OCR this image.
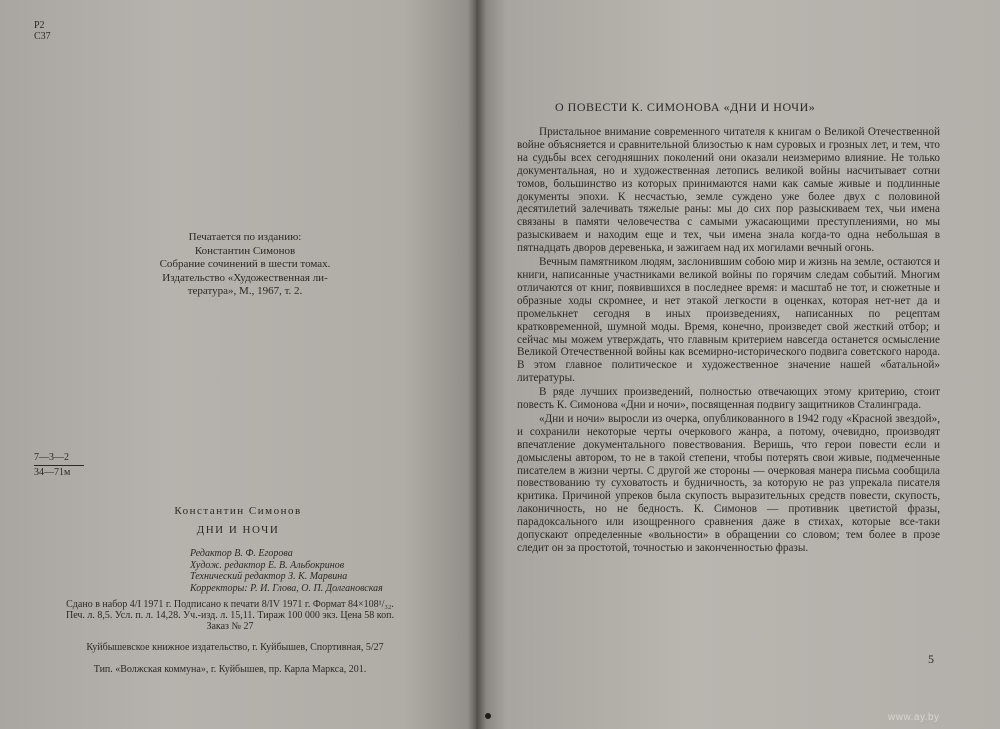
Р2
С37
Печатается по изданию:
Константин Симонов
Собрание сочинений в шести томах.
Издательство «Художественная ли-
тература», М., 1967, т. 2.
7—3—2
34—71м
Константин Симонов
ДНИ И НОЧИ
Редактор В. Ф. Егорова
Худож. редактор Е. В. Альбокринов
Технический редактор З. К. Марвина
Корректоры: Р. И. Глова, О. П. Долгановская
Сдано в набор 4/I 1971 г. Подписано к печати 8/IV 1971 г. Формат 84×108¹/₃₂.
Печ. л. 8,5. Усл. п. л. 14,28. Уч.-изд. л. 15,11. Тираж 100 000 экз. Цена 58 коп.
Заказ № 27
Куйбышевское книжное издательство, г. Куйбышев, Спортивная, 5/27
Тип. «Волжская коммуна», г. Куйбышев, пр. Карла Маркса, 201.
О ПОВЕСТИ К. СИМОНОВА «ДНИ И НОЧИ»

Пристальное внимание современного читателя к книгам о Великой Отечественной войне объясняется и сравнительной близостью к нам суровых и грозных лет, и тем, что на судьбы всех сегодняшних поколений они оказали неизмеримо влияние. Не только документальная, но и художественная летопись великой войны насчитывает сотни томов, большинство из которых принимаются нами как самые живые и подлинные документы эпохи. К несчастью, земле суждено уже более двух с половиной десятилетий залечивать тяжелые раны: мы до сих пор разыскиваем тех, чьи имена связаны в памяти человечества с самыми ужасающими преступлениями, но мы разыскиваем и находим еще и тех, чьи имена знала когда-то одна небольшая в пятнадцать дворов деревенька, и зажигаем над их могилами вечный огонь.

Вечным памятником людям, заслонившим собою мир и жизнь на земле, остаются и книги, написанные участниками великой войны по горячим следам событий. Многим отличаются от книг, появившихся в последнее время: и масштаб не тот, и сюжетные и образные ходы скромнее, и нет этакой легкости в оценках, которая нет-нет да и промелькнет сегодня в иных произведениях, написанных по рецептам кратковременной, шумной моды. Время, конечно, произведет свой жесткий отбор; и сейчас мы можем утверждать, что главным критерием навсегда останется осмысление Великой Отечественной войны как всемирно-исторического подвига советского народа. В этом главное политическое и художественное значение нашей «батальной» литературы.

В ряде лучших произведений, полностью отвечающих этому критерию, стоит повесть К. Симонова «Дни и ночи», посвященная подвигу защитников Сталинграда.

«Дни и ночи» выросли из очерка, опубликованного в 1942 году «Красной звездой», и сохранили некоторые черты очеркового жанра, а потому, очевидно, производят впечатление документального повествования. Веришь, что герои повести если и домыслены автором, то не в такой степени, чтобы потерять свои живые, подмеченные писателем в жизни черты. С другой же стороны — очерковая манера письма сообщила повествованию ту суховатость и будничность, за которую не раз упрекала писателя критика. Причиной упреков была скупость выразительных средств повести, скупость, лаконичность, но не бедность. К. Симонов — противник цветистой фразы, парадоксального или изощренного сравнения даже в стихах, которые все-таки допускают определенные «вольности» в обращении со словом; тем более в прозе следит он за простотой, точностью и законченностью фразы.

5
www.ay.by
